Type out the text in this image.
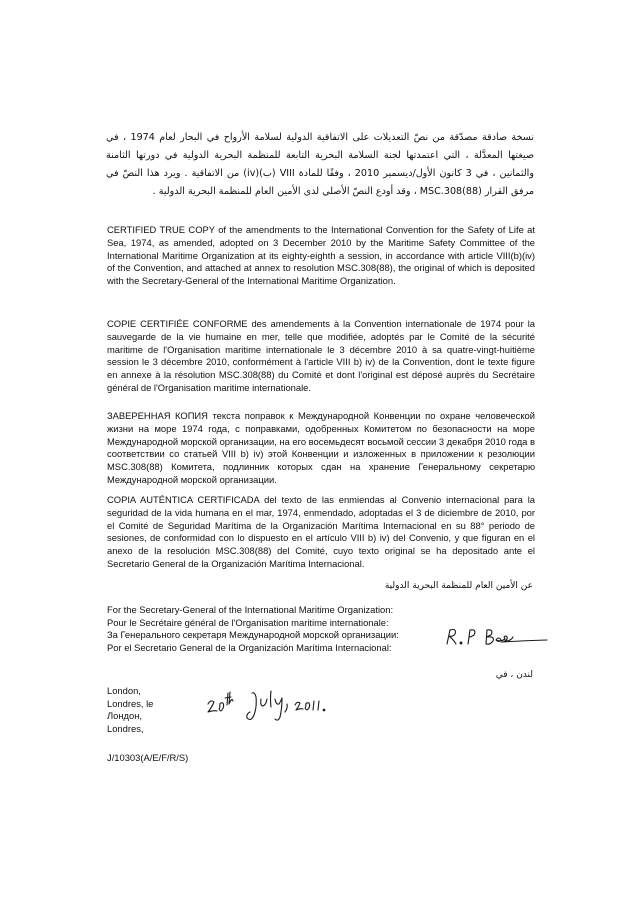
نسخة صادقة مصدّقة من نصّ التعديلات على الاتفاقية الدولية لسلامة الأرواح في البحار لعام 1974 ، في صيغتها المعدَّلة ، التي اعتمدتها لجنة السلامة البحرية التابعة للمنظمة البحرية الدولية في دورتها الثامنة والثمانين ، في 3 كانون الأول/ديسمبر 2010 ، وفقًا للمادة VIII (ب)(iv) من الاتفاقية . ويرد هذا النصّ في مرفق القرار MSC.308(88) ، وقد أودع النصّ الأصلي لدى الأمين العام للمنظمة البحرية الدولية .

CERTIFIED TRUE COPY of the amendments to the International Convention for the Safety of Life at Sea, 1974, as amended, adopted on 3 December 2010 by the Maritime Safety Committee of the International Maritime Organization at its eighty-eighth a session, in accordance with article VIII(b)(iv) of the Convention, and attached at annex to resolution MSC.308(88), the original of which is deposited with the Secretary-General of the International Maritime Organization.

COPIE CERTIFIÉE CONFORME des amendements à la Convention internationale de 1974 pour la sauvegarde de la vie humaine en mer, telle que modifiée, adoptés par le Comité de la sécurité maritime de l'Organisation maritime internationale le 3 décembre 2010 à sa quatre-vingt-huitième session le 3 décembre 2010, conformément à l'article VIII b) iv) de la Convention, dont le texte figure en annexe à la résolution MSC.308(88) du Comité et dont l'original est déposé auprès du Secrétaire général de l'Organisation maritime internationale.

ЗАВЕРЕННАЯ КОПИЯ текста поправок к Международной Конвенции по охране человеческой жизни на море 1974 года, с поправками, одобренных Комитетом по безопасности на море Международной морской организации, на его восемьдесят восьмой сессии 3 декабря 2010 года в соответствии со статьей VIII b) iv) этой Конвенции и изложенных в приложении к резолюции MSC.308(88) Комитета, подлинник которых сдан на хранение Генеральному секретарю Международной морской организации.

COPIA AUTÉNTICA CERTIFICADA del texto de las enmiendas al Convenio internacional para la seguridad de la vida humana en el mar, 1974, enmendado, adoptadas el 3 de diciembre de 2010, por el Comité de Seguridad Marítima de la Organización Marítima Internacional en su 88° periodo de sesiones, de conformidad con lo dispuesto en el artículo VIII b) iv) del Convenio, y que figuran en el anexo de la resolución MSC.308(88) del Comité, cuyo texto original se ha depositado ante el Secretario General de la Organización Marítima Internacional.

عن الأمين العام للمنظمة البحرية الدولية
For the Secretary-General of the International Maritime Organization:
Pour le Secrétaire général de l'Organisation maritime internationale:
За Генерального секретаря Международной морской организации:
Por el Secretario General de la Organización Marítima Internacional:
لندن ، في
London,
Londres, le
Лондон,
Londres,
J/10303(A/E/F/R/S)
